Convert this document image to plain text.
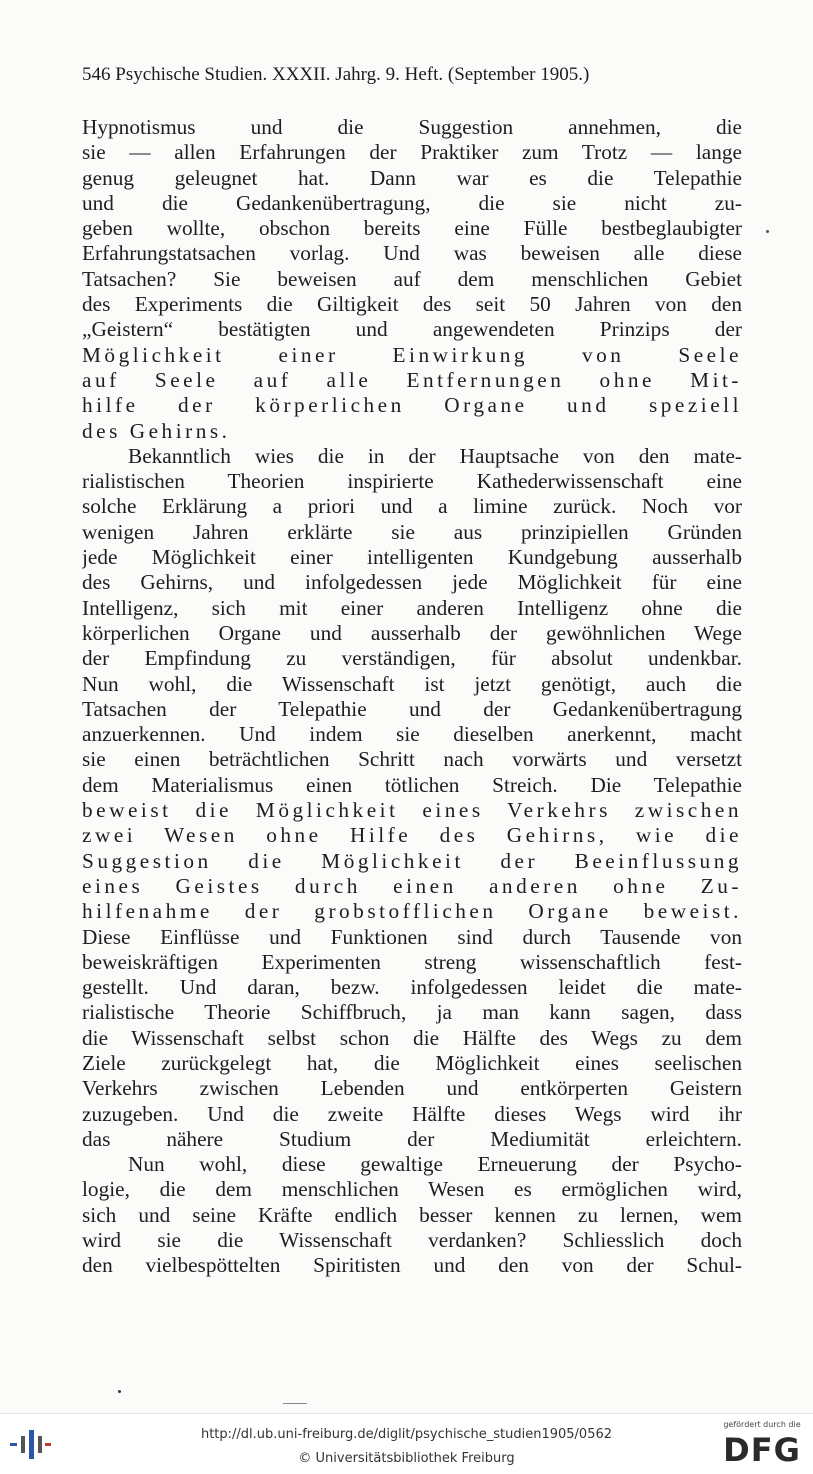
546 Psychische Studien. XXXII. Jahrg. 9. Heft. (September 1905.)
Hypnotismus und die Suggestion annehmen, die
sie — allen Erfahrungen der Praktiker zum Trotz — lange
genug geleugnet hat. Dann war es die Telepathie
und die Gedankenübertragung, die sie nicht zu-
geben wollte, obschon bereits eine Fülle bestbeglaubigter
Erfahrungstatsachen vorlag. Und was beweisen alle diese
Tatsachen? Sie beweisen auf dem menschlichen Gebiet
des Experiments die Giltigkeit des seit 50 Jahren von den
„Geistern“ bestätigten und angewendeten Prinzips der
Möglichkeit einer Einwirkung von Seele
auf Seele auf alle Entfernungen ohne Mit-
hilfe der körperlichen Organe und speziell
des Gehirns.
Bekanntlich wies die in der Hauptsache von den mate-
rialistischen Theorien inspirierte Kathederwissenschaft eine
solche Erklärung a priori und a limine zurück. Noch vor
wenigen Jahren erklärte sie aus prinzipiellen Gründen
jede Möglichkeit einer intelligenten Kundgebung ausserhalb
des Gehirns, und infolgedessen jede Möglichkeit für eine
Intelligenz, sich mit einer anderen Intelligenz ohne die
körperlichen Organe und ausserhalb der gewöhnlichen Wege
der Empfindung zu verständigen, für absolut undenkbar.
Nun wohl, die Wissenschaft ist jetzt genötigt, auch die
Tatsachen der Telepathie und der Gedankenübertragung
anzuerkennen. Und indem sie dieselben anerkennt, macht
sie einen beträchtlichen Schritt nach vorwärts und versetzt
dem Materialismus einen tötlichen Streich. Die Telepathie
beweist die Möglichkeit eines Verkehrs zwischen
zwei Wesen ohne Hilfe des Gehirns, wie die
Suggestion die Möglichkeit der Beeinflussung
eines Geistes durch einen anderen ohne Zu-
hilfenahme der grobstofflichen Organe beweist.
Diese Einflüsse und Funktionen sind durch Tausende von
beweiskräftigen Experimenten streng wissenschaftlich fest-
gestellt. Und daran, bezw. infolgedessen leidet die mate-
rialistische Theorie Schiffbruch, ja man kann sagen, dass
die Wissenschaft selbst schon die Hälfte des Wegs zu dem
Ziele zurückgelegt hat, die Möglichkeit eines seelischen
Verkehrs zwischen Lebenden und entkörperten Geistern
zuzugeben. Und die zweite Hälfte dieses Wegs wird ihr
das nähere Studium der Mediumität erleichtern.
Nun wohl, diese gewaltige Erneuerung der Psycho-
logie, die dem menschlichen Wesen es ermöglichen wird,
sich und seine Kräfte endlich besser kennen zu lernen, wem
wird sie die Wissenschaft verdanken? Schliesslich doch
den vielbespöttelten Spiritisten und den von der Schul-
http://dl.ub.uni-freiburg.de/diglit/psychische_studien1905/0562
© Universitätsbibliothek Freiburg
gefördert durch die
DFG
